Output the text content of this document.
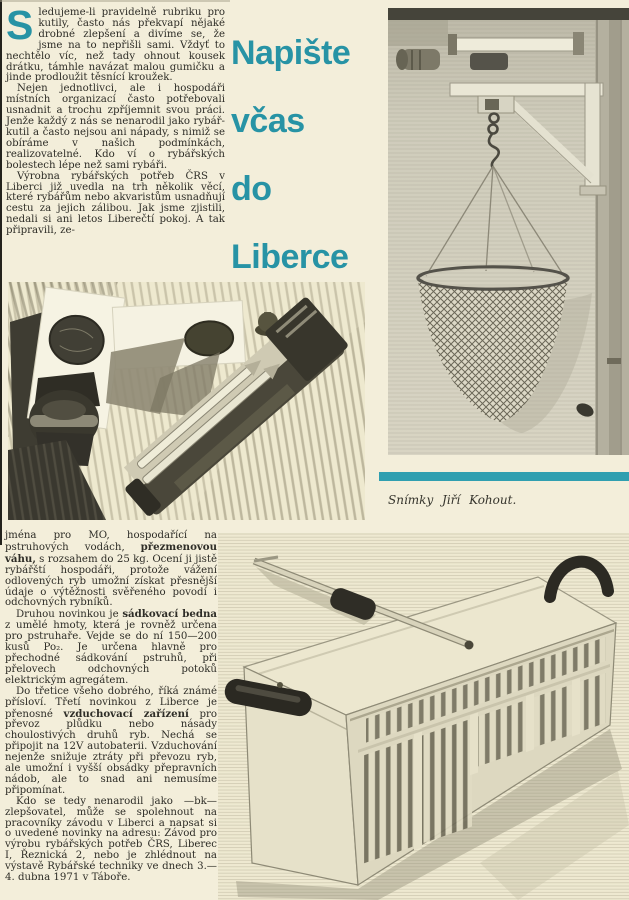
Sledujeme-li pravidelně rubriku pro kutily, často nás překvapí nějaké drobné zlepšení a divíme se, že jsme na to nepřišli sami. Vždyť to nechtělo víc, než tady ohnout kousek drátku, támhle navázat malou gumičku a jinde prodloužit těsnící kroužek.

Nejen jednotlivci, ale i hospodáři místních organizací často potřebovali usnadnit a trochu zpříjemnit svou práci. Jenže každý z nás se nenarodil jako rybář-kutil a často nejsou ani nápady, s nimiž se obíráme v našich podmínkách, realizovatelné. Kdo ví o rybářských bolestech lépe než sami rybáři.

Výrobna rybářských potřeb ČRS v Liberci již uvedla na trh několik věcí, které rybářům nebo akvaristům usnadňují cestu za jejich zálibou. Jak jsme zjistili, nedali si ani letos Liberečtí pokoj. A tak připravili, ze-

Napište
včas
do
Liberce

Snímky Jiří Kohout.

jména pro MO, hospodařící na pstruhových vodách, přezmenovou váhu, s rozsahem do 25 kg. Ocení ji jistě rybářští hospodáři, protože vážení odlovených ryb umožní získat přesnější údaje o výtěžnosti svěřeného povodí i odchovných rybníků.

Druhou novinkou je sádkovací bedna z umělé hmoty, která je rovněž určena pro pstruhaře. Vejde se do ní 150—200 kusů Po₂. Je určena hlavně pro přechodné sádkování pstruhů, při přelovech odchovných potoků elektrickým agregátem.

Do třetice všeho dobrého, říká známé přísloví. Třetí novinkou z Liberce je přenosné vzduchovací zařízení pro převoz plůdku nebo násady choulostivých druhů ryb. Nechá se připojit na 12V autobaterii. Vzduchování nejenže snižuje ztráty při převozu ryb, ale umožní i vyšší obsádky přepravních nádob, ale to snad ani nemusíme připomínat.

—bk—
Kdo se tedy nenarodil jako zlepšovatel, může se spolehnout na pracovníky závodu v Liberci a napsat si o uvedené novinky na adresu: Závod pro výrobu rybářských potřeb ČRS, Liberec I, Řeznická 2, nebo je zhlédnout na výstavě Rybářské techniky ve dnech 3.—4. dubna 1971 v Táboře.
